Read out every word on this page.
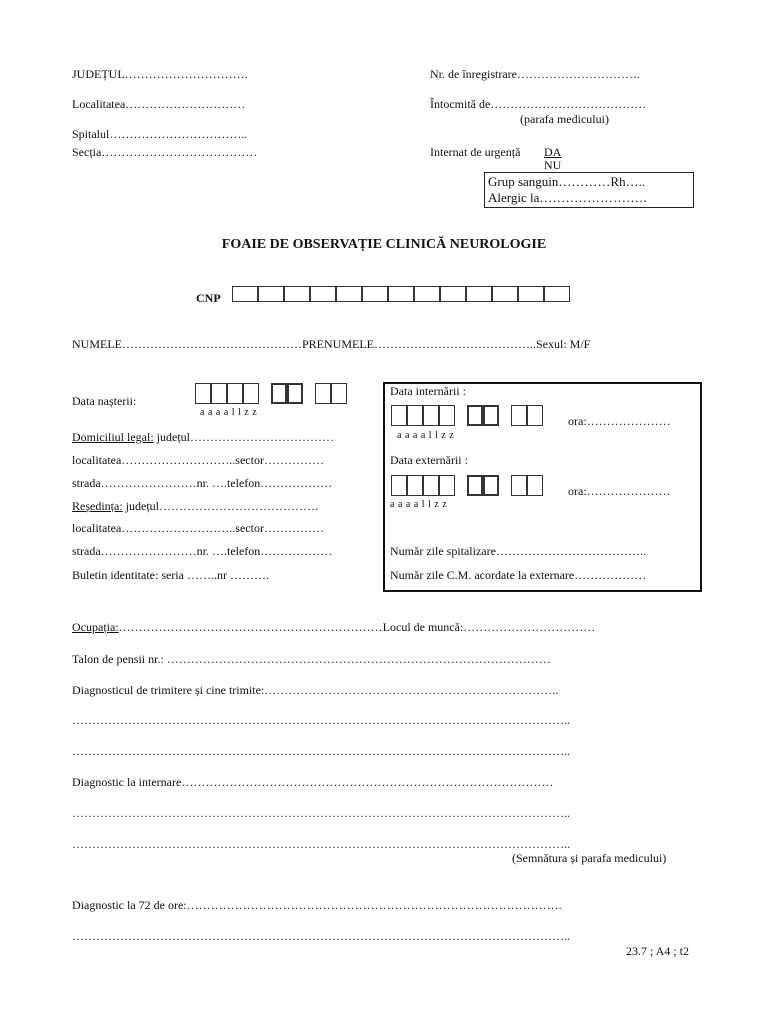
JUDEȚUL………………………….
Localitatea…………………………
Spitalul……………………………..
Secția…………………………………
Nr. de înregistrare………………………….
Întocmită de…………………………………
(parafa medicului)
Internat de urgență DA
NU
Grup sanguin…………Rh…..
Alergic la…………………….
FOAIE DE OBSERVAȚIE CLINICĂ NEUROLOGIE
CNP
NUMELE………………………………………PRENUMELE…………………………………..Sexul: M/F
Data nașterii:
a a a a l l z z
Domiciliul legal: județul………………………………
localitatea………………………..sector……………
strada……………………nr. ….telefon………………
Reședința: județul………………………………….
localitatea………………………..sector……………
strada……………………nr. ….telefon………………
Buletin identitate: seria ……..nr ……….
Data internării :
a a a a l l z z
ora:…………………
Data externării :
a a a a l l z z
ora:…………………
Număr zile spitalizare………………………………..
Număr zile C.M. acordate la externare………………
Ocupația:…………………………………………………………Locul de muncă:……………………………
Talon de pensii nr.: ……………………………………………………………………………………
Diagnosticul de trimitere și cine trimite:………………………………………………………………..
……………………………………………………………………………………………………………..
……………………………………………………………………………………………………………..
Diagnostic la internare…………………………………………………………………………………
……………………………………………………………………………………………………………..
……………………………………………………………………………………………………………..
(Semnătura și parafa medicului)
Diagnostic la 72 de ore:………………………………………………………………………………….
……………………………………………………………………………………………………………..
23.7 ; A4 ; t2
